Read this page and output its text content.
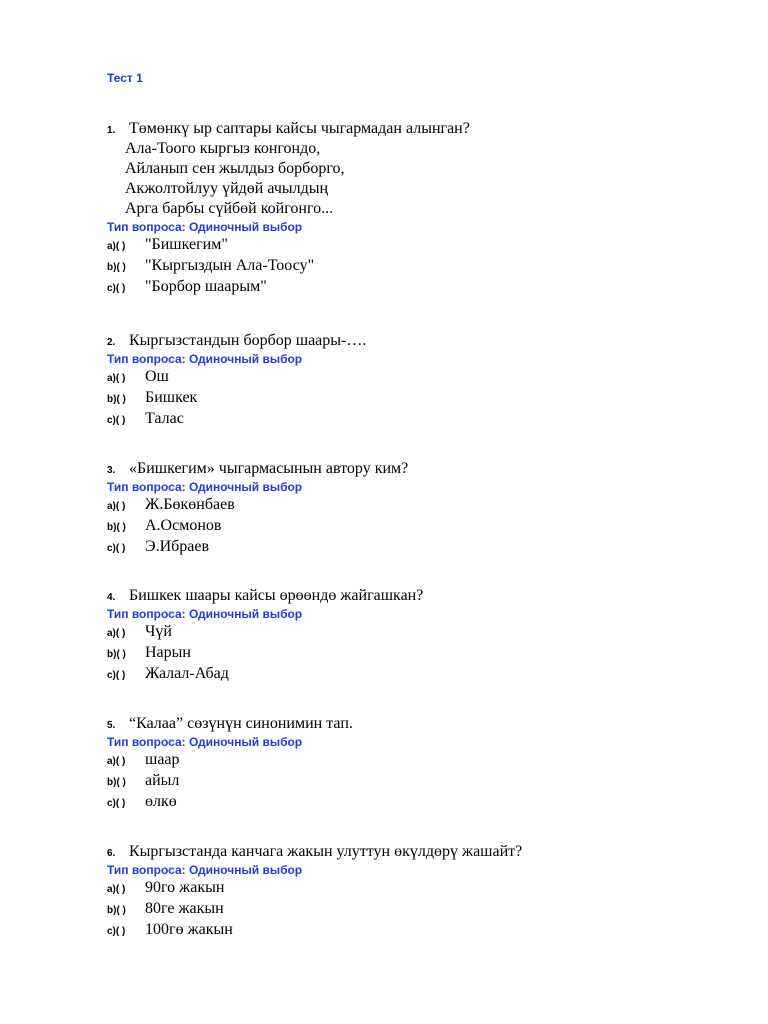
Тест 1
1. Төмөнкү ыр саптары кайсы чыгармадан алынган?
Ала-Тоого кыргыз конгондо,
Айланып сен жылдыз борборго,
Акжолтойлуу үйдөй ачылдың
Арга барбы сүйбөй койгонго...
Тип вопроса: Одиночный выбор
a)( ) "Бишкегим"
b)( ) "Кыргыздын Ала-Тоосу"
c)( ) "Борбор шаарым"
2. Кыргызстандын борбор шаары-….
Тип вопроса: Одиночный выбор
a)( ) Ош
b)( ) Бишкек
c)( ) Талас
3. «Бишкегим» чыгармасынын автору ким?
Тип вопроса: Одиночный выбор
a)( ) Ж.Бөкөнбаев
b)( ) А.Осмонов
c)( ) Э.Ибраев
4. Бишкек шаары кайсы өрөөндө жайгашкан?
Тип вопроса: Одиночный выбор
a)( ) Чүй
b)( ) Нарын
c)( ) Жалал-Абад
5. “Калаа” сөзүнүн синонимин тап.
Тип вопроса: Одиночный выбор
a)( ) шаар
b)( ) айыл
c)( ) өлкө
6. Кыргызстанда канчага жакын улуттун өкүлдөрү жашайт?
Тип вопроса: Одиночный выбор
a)( ) 90го жакын
b)( ) 80ге жакын
c)( ) 100гө жакын
